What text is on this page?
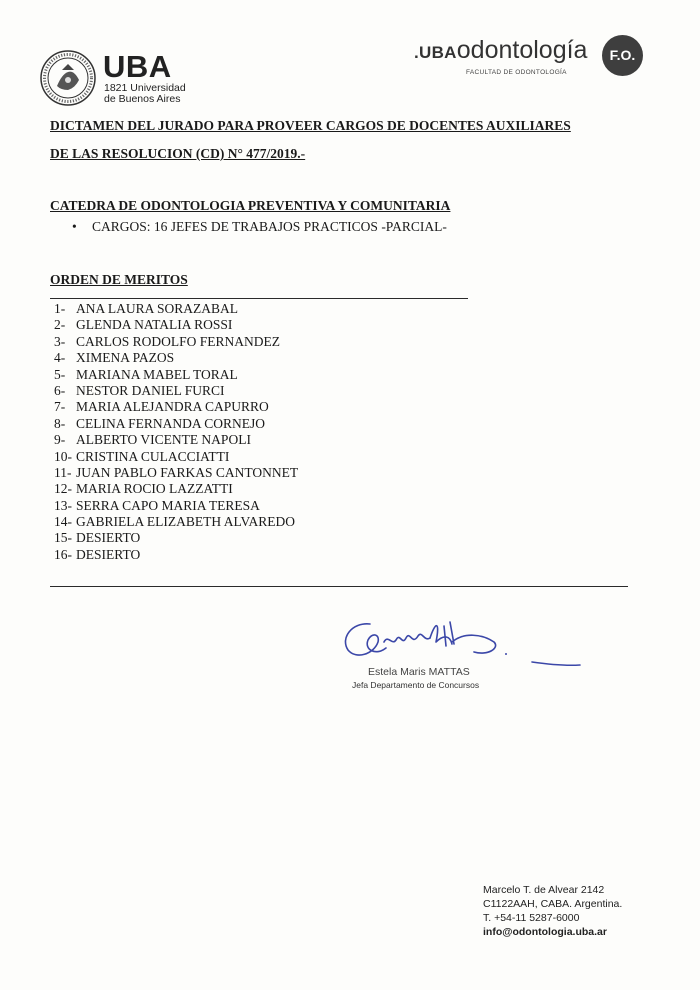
UBA
1821 Universidad
de Buenos Aires
.UBAodontología
FACULTAD DE ODONTOLOGÍA
F.O.
DICTAMEN DEL JURADO PARA PROVEER CARGOS DE DOCENTES AUXILIARES
DE LAS RESOLUCION (CD) N° 477/2019.-
CATEDRA DE ODONTOLOGIA PREVENTIVA Y COMUNITARIA
• CARGOS: 16 JEFES DE TRABAJOS PRACTICOS -PARCIAL-
ORDEN DE MERITOS
1- ANA LAURA SORAZABAL
2- GLENDA NATALIA ROSSI
3- CARLOS RODOLFO FERNANDEZ
4- XIMENA PAZOS
5- MARIANA MABEL TORAL
6- NESTOR DANIEL FURCI
7- MARIA ALEJANDRA CAPURRO
8- CELINA FERNANDA CORNEJO
9- ALBERTO VICENTE NAPOLI
10- CRISTINA CULACCIATTI
11- JUAN PABLO FARKAS CANTONNET
12- MARIA ROCIO LAZZATTI
13- SERRA CAPO MARIA TERESA
14- GABRIELA ELIZABETH ALVAREDO
15- DESIERTO
16- DESIERTO
Estela Maris MATTAS
Jefa Departamento de Concursos
Marcelo T. de Alvear 2142
C1122AAH, CABA. Argentina.
T. +54-11 5287-6000
info@odontologia.uba.ar
